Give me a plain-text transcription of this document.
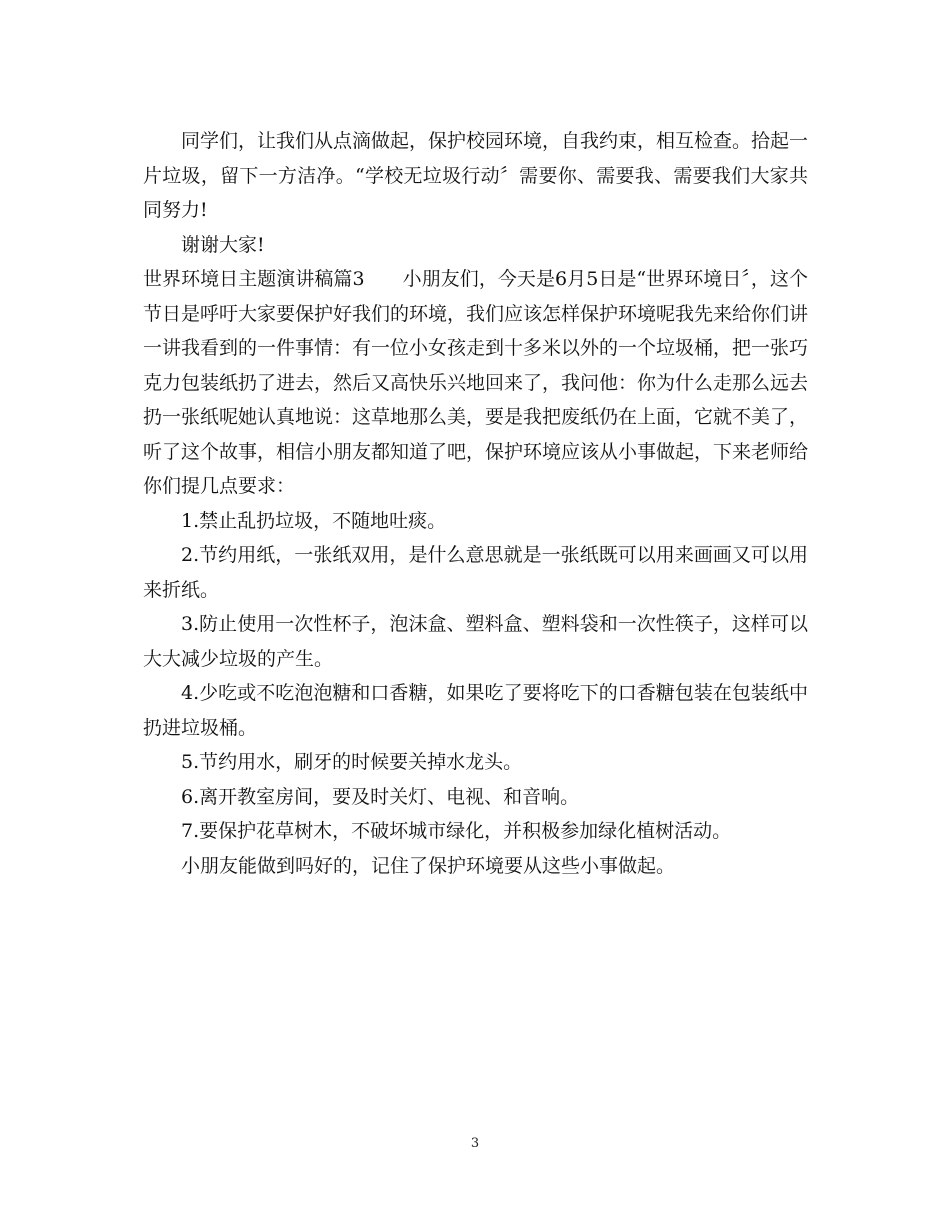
同学们，让我们从点滴做起，保护校园环境，自我约束，相互检查。拾起一片垃圾，留下一方洁净。“学校无垃圾行动〞需要你、需要我、需要我们大家共同努力!

谢谢大家!

世界环境日主题演讲稿篇3　　小朋友们，今天是6月5日是“世界环境日〞，这个节日是呼吁大家要保护好我们的环境，我们应该怎样保护环境呢我先来给你们讲一讲我看到的一件事情：有一位小女孩走到十多米以外的一个垃圾桶，把一张巧克力包装纸扔了进去，然后又高快乐兴地回来了，我问他：你为什么走那么远去扔一张纸呢她认真地说：这草地那么美，要是我把废纸仍在上面，它就不美了，听了这个故事，相信小朋友都知道了吧，保护环境应该从小事做起，下来老师给你们提几点要求：

1.禁止乱扔垃圾，不随地吐痰。

2.节约用纸，一张纸双用，是什么意思就是一张纸既可以用来画画又可以用来折纸。

3.防止使用一次性杯子，泡沫盒、塑料盒、塑料袋和一次性筷子，这样可以大大减少垃圾的产生。

4.少吃或不吃泡泡糖和口香糖，如果吃了要将吃下的口香糖包装在包装纸中扔进垃圾桶。

5.节约用水，刷牙的时候要关掉水龙头。

6.离开教室房间，要及时关灯、电视、和音响。

7.要保护花草树木，不破坏城市绿化，并积极参加绿化植树活动。

小朋友能做到吗好的，记住了保护环境要从这些小事做起。

3
